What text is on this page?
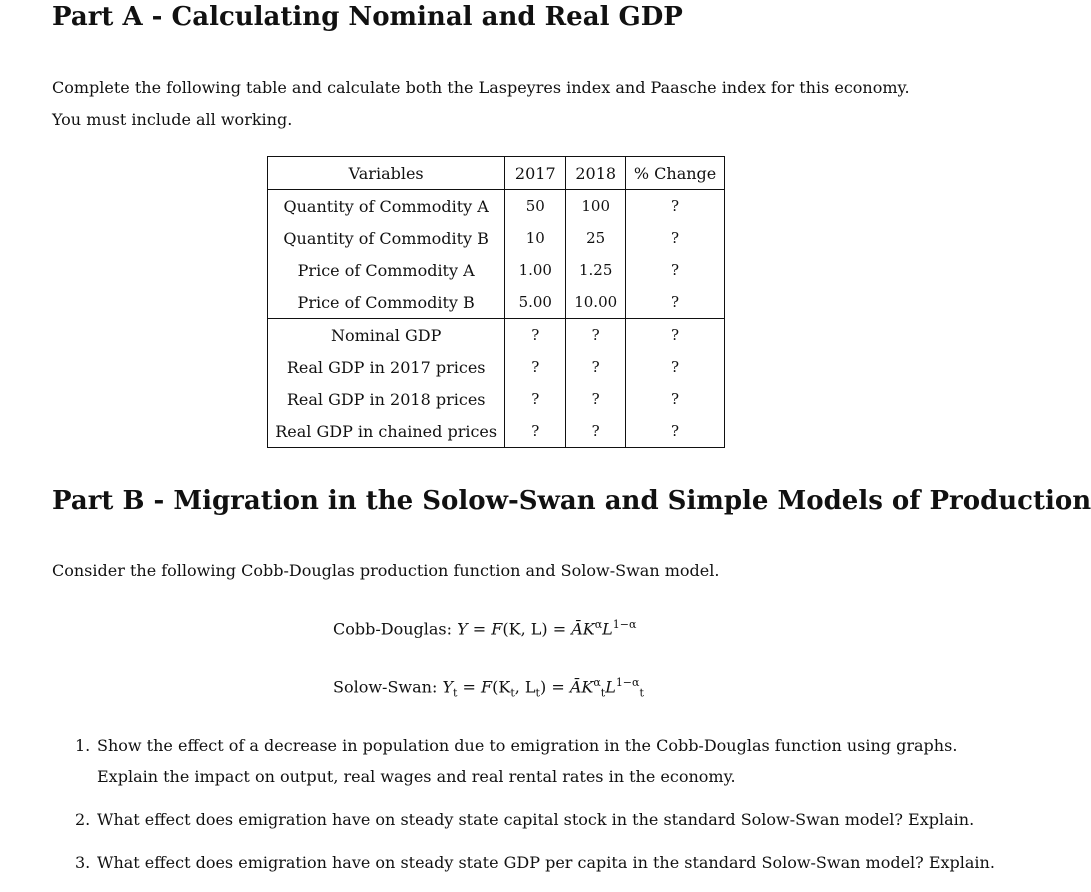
Part A - Calculating Nominal and Real GDP

Complete the following table and calculate both the Laspeyres index and Paasche index for this economy.
You must include all working.

Variables	2017	2018	% Change
Quantity of Commodity A	50	100	?
Quantity of Commodity B	10	25	?
Price of Commodity A	1.00	1.25	?
Price of Commodity B	5.00	10.00	?
Nominal GDP	?	?	?
Real GDP in 2017 prices	?	?	?
Real GDP in 2018 prices	?	?	?
Real GDP in chained prices	?	?	?
Part B - Migration in the Solow-Swan and Simple Models of Production

Consider the following Cobb-Douglas production function and Solow-Swan model.

Cobb-Douglas: Y = F(K, $L) = ĀK^\alpha L^{1-\alpha}$
Solow-Swan: $Y_t = F(K_t$, $L_t$) = $ĀK^\alpha_tL^{1-\alpha}_t$
1. Show the effect of a decrease in population due to emigration in the Cobb-Douglas function using graphs.
Explain the impact on output, real wages and real rental rates in the economy.
2. What effect does emigration have on steady state capital stock in the standard Solow-Swan model? Explain.
3. What effect does emigration have on steady state GDP per capita in the standard Solow-Swan model? Explain.
